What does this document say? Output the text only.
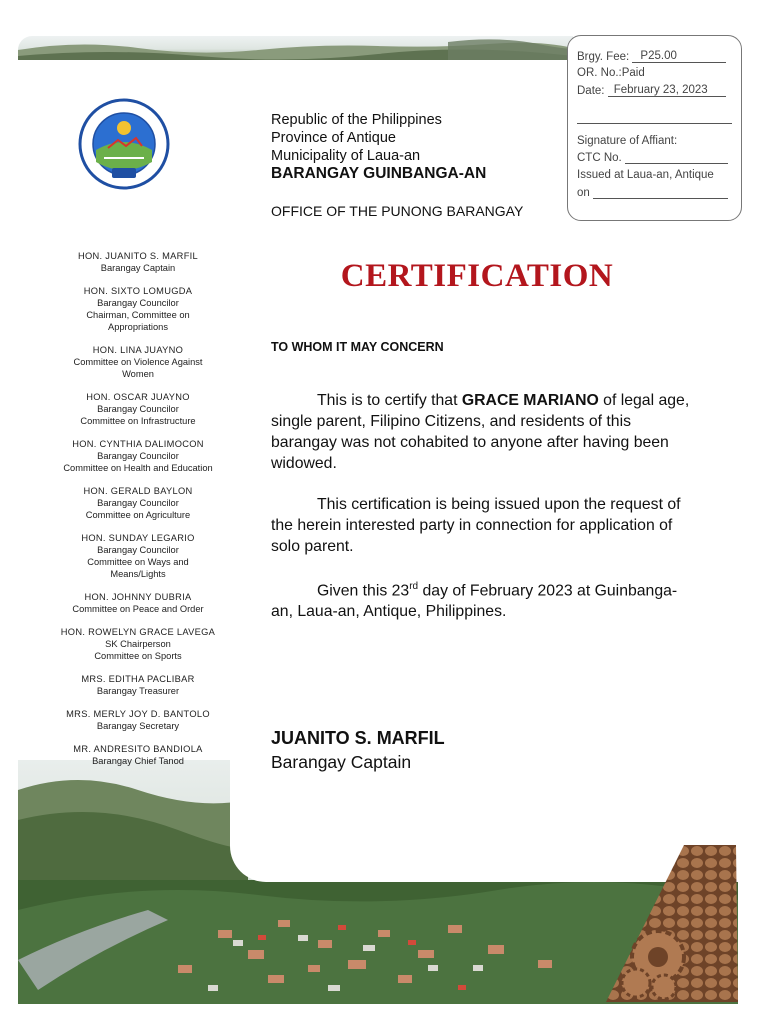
Republic of the Philippines
Province of Antique
Municipality of Laua-an
BARANGAY GUINBANGA-AN
OFFICE OF THE PUNONG BARANGAY
Brgy. Fee: P25.00
OR. No.:Paid
Date: February 23, 2023
Signature of Affiant:
CTC No.
Issued at Laua-an, Antique
on
HON. JUANITO S. MARFIL
Barangay Captain
HON. SIXTO LOMUGDA
Barangay Councilor
Chairman, Committee on
Appropriations
HON. LINA JUAYNO
Committee on Violence Against
Women
HON. OSCAR JUAYNO
Barangay Councilor
Committee on Infrastructure
HON. CYNTHIA DALIMOCON
Barangay Councilor
Committee on Health and Education
HON. GERALD BAYLON
Barangay Councilor
Committee on Agriculture
HON. SUNDAY LEGARIO
Barangay Councilor
Committee on Ways and
Means/Lights
HON. JOHNNY DUBRIA
Committee on Peace and Order
HON. ROWELYN GRACE LAVEGA
SK Chairperson
Committee on Sports
MRS. EDITHA PACLIBAR
Barangay Treasurer
MRS. MERLY JOY D. BANTOLO
Barangay Secretary
MR. ANDRESITO BANDIOLA
Barangay Chief Tanod
CERTIFICATION
TO WHOM IT MAY CONCERN
This is to certify that GRACE MARIANO of legal age, single parent, Filipino Citizens, and residents of this barangay was not cohabited to anyone after having been widowed.
This certification is being issued upon the request of the herein interested party in connection for application of solo parent.
Given this 23rd day of February 2023 at Guinbanga-an, Laua-an, Antique, Philippines.
JUANITO S. MARFIL
Barangay Captain
